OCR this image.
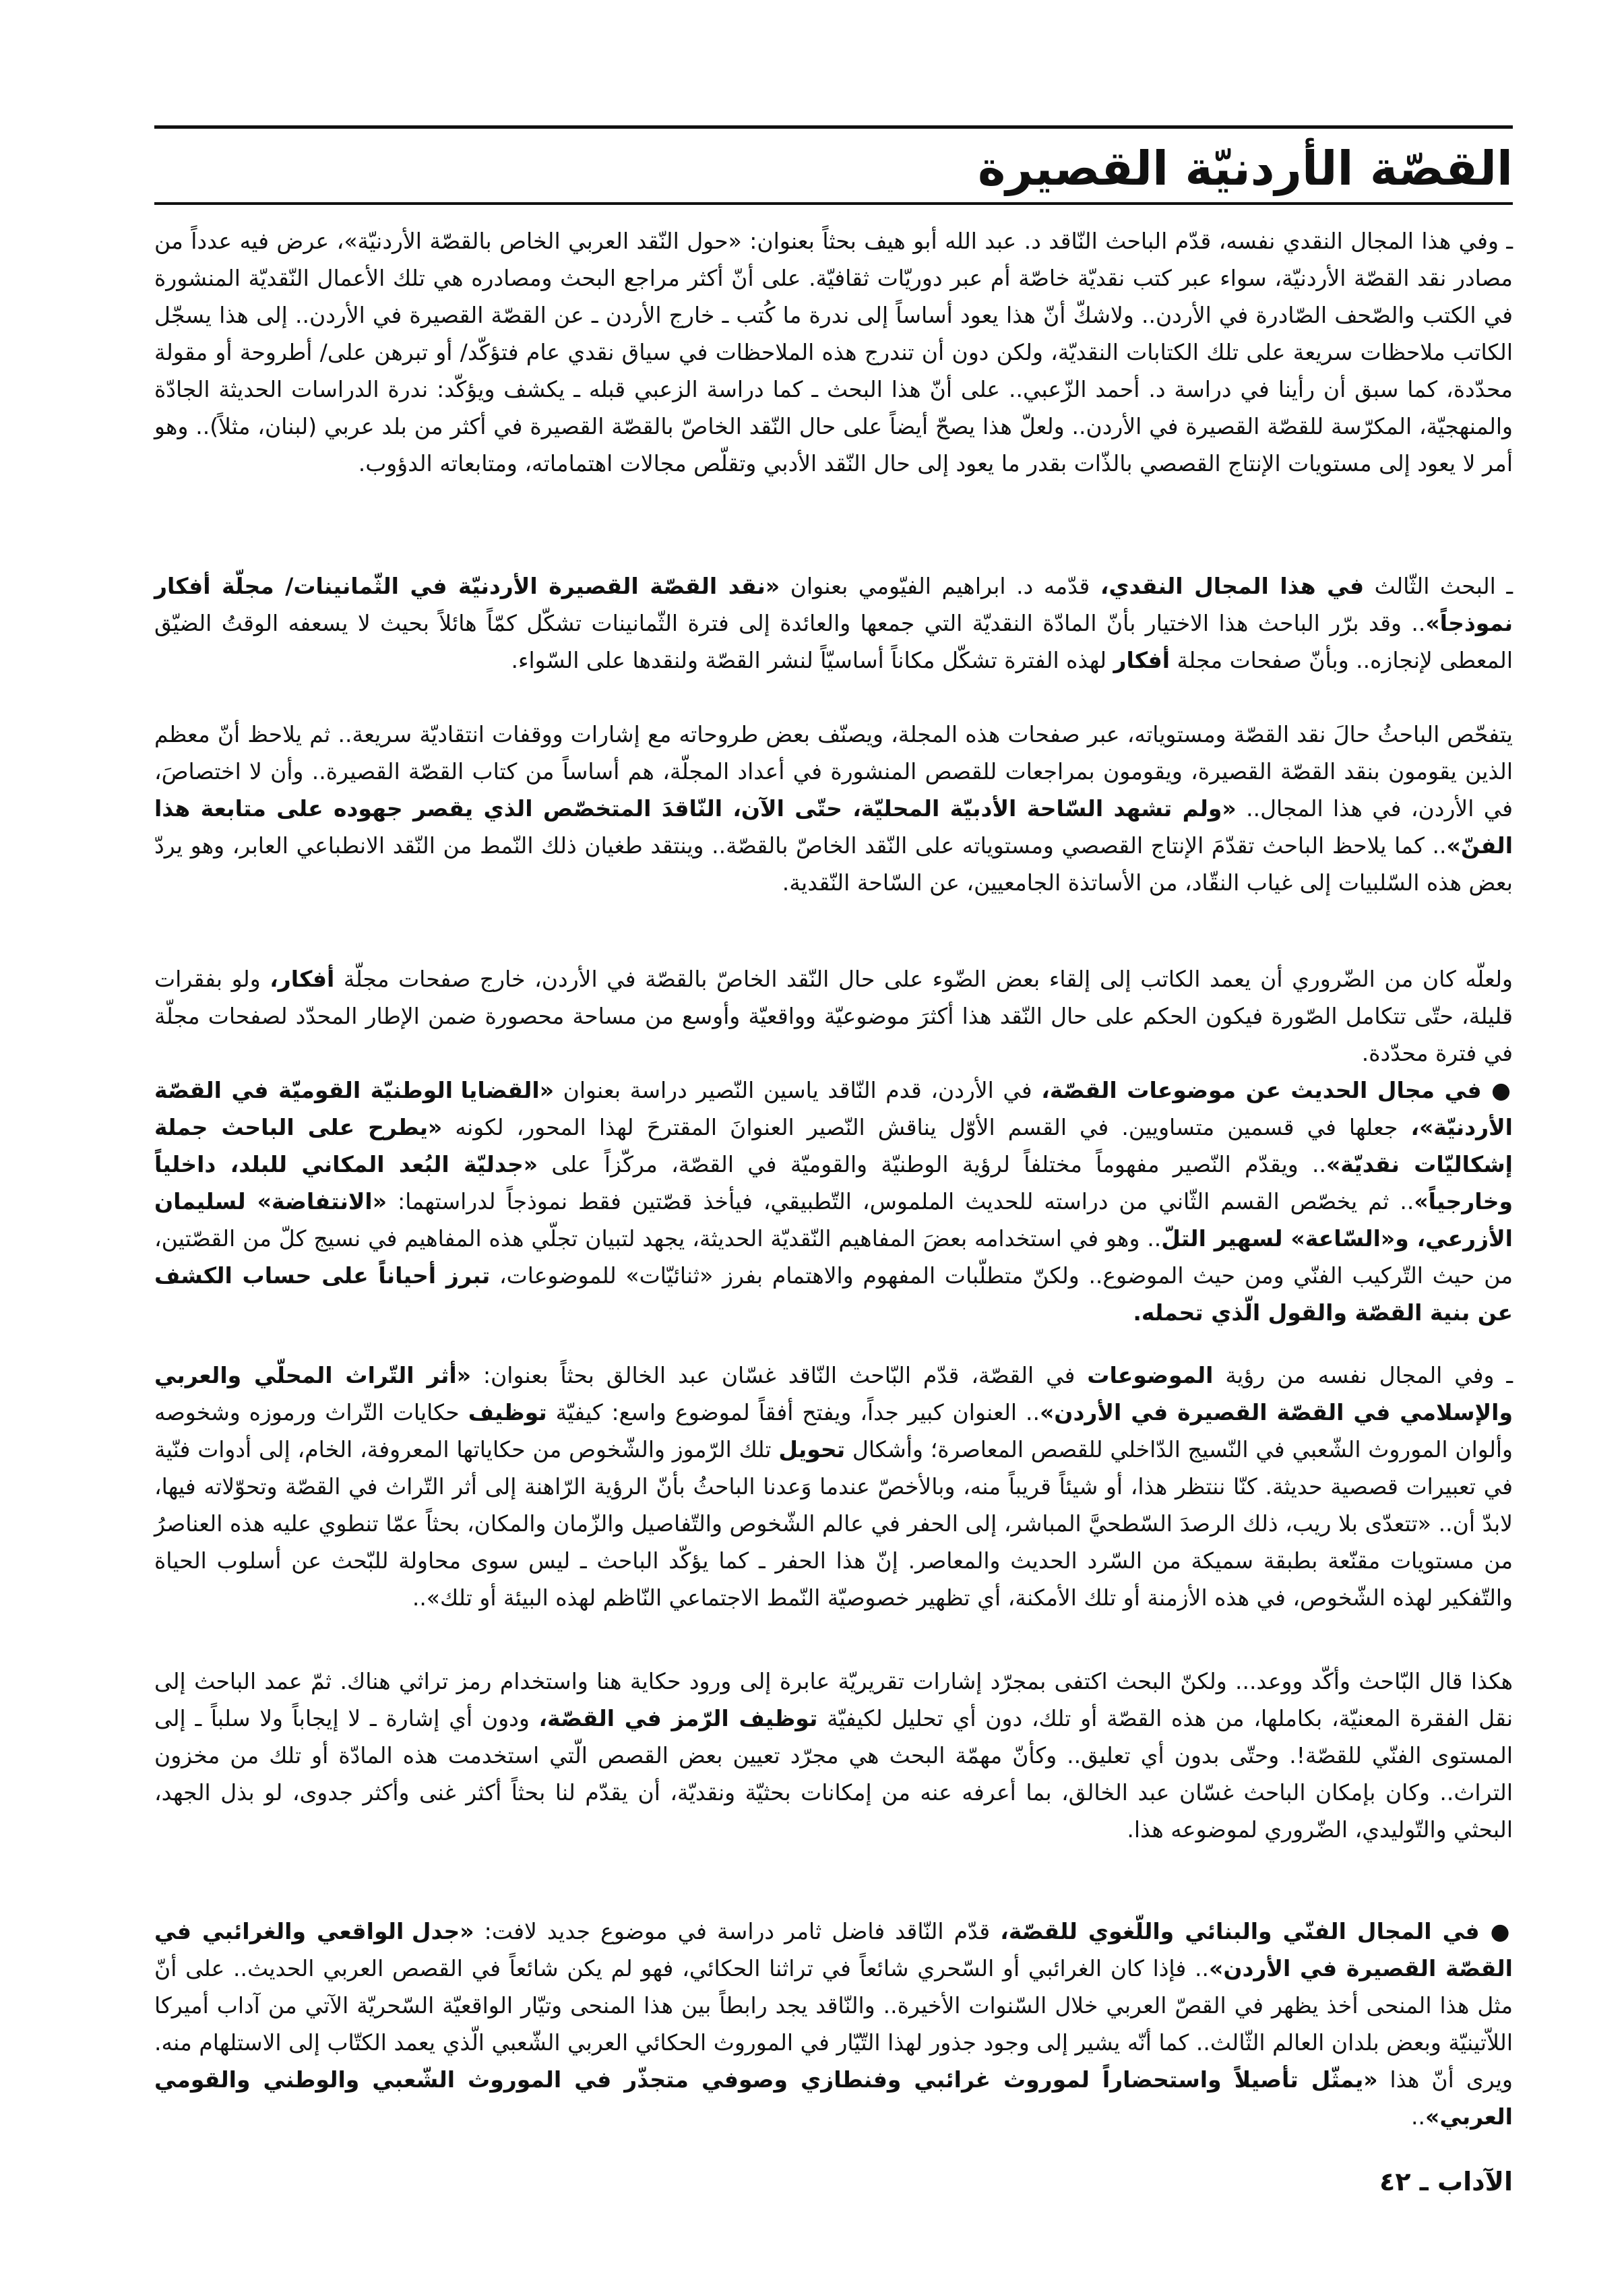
القصّة الأردنيّة القصيرة

ـ وفي هذا المجال النقدي نفسه، قدّم الباحث النّاقد د. عبد الله أبو هيف بحثاً بعنوان: «حول النّقد العربي الخاص بالقصّة الأردنيّة»، عرض فيه عدداً من مصادر نقد القصّة الأردنيّة، سواء عبر كتب نقديّة خاصّة أم عبر دوريّات ثقافيّة. على أنّ أكثر مراجع البحث ومصادره هي تلك الأعمال النّقديّة المنشورة في الكتب والصّحف الصّادرة في الأردن.. ولاشكّ أنّ هذا يعود أساساً إلى ندرة ما كُتب ـ خارج الأردن ـ عن القصّة القصيرة في الأردن.. إلى هذا يسجّل الكاتب ملاحظات سريعة على تلك الكتابات النقديّة، ولكن دون أن تندرج هذه الملاحظات في سياق نقدي عام فتؤكّد/ أو تبرهن على/ أطروحة أو مقولة محدّدة، كما سبق أن رأينا في دراسة د. أحمد الزّعبي.. على أنّ هذا البحث ـ كما دراسة الزعبي قبله ـ يكشف ويؤكّد: ندرة الدراسات الحديثة الجادّة والمنهجيّة، المكرّسة للقصّة القصيرة في الأردن.. ولعلّ هذا يصحّ أيضاً على حال النّقد الخاصّ بالقصّة القصيرة في أكثر من بلد عربي (لبنان، مثلاً).. وهو أمر لا يعود إلى مستويات الإنتاج القصصي بالذّات بقدر ما يعود إلى حال النّقد الأدبي وتقلّص مجالات اهتماماته، ومتابعاته الدؤوب.

ـ البحث الثّالث في هذا المجال النقدي، قدّمه د. ابراهيم الفيّومي بعنوان «نقد القصّة القصيرة الأردنيّة في الثّمانينات/ مجلّة أفكار نموذجاً».. وقد برّر الباحث هذا الاختيار بأنّ المادّة النقديّة التي جمعها والعائدة إلى فترة الثّمانينات تشكّل كمّاً هائلاً بحيث لا يسعفه الوقتُ الضيّق المعطى لإنجازه.. وبأنّ صفحات مجلة أفكار لهذه الفترة تشكّل مكاناً أساسيّاً لنشر القصّة ولنقدها على السّواء.

يتفحّص الباحثُ حالَ نقد القصّة ومستوياته، عبر صفحات هذه المجلة، ويصنّف بعض طروحاته مع إشارات ووقفات انتقاديّة سريعة.. ثم يلاحظ أنّ معظم الذين يقومون بنقد القصّة القصيرة، ويقومون بمراجعات للقصص المنشورة في أعداد المجلّة، هم أساساً من كتاب القصّة القصيرة.. وأن لا اختصاصَ، في الأردن، في هذا المجال.. «ولم تشهد السّاحة الأدبيّة المحليّة، حتّى الآن، النّاقدَ المتخصّص الذي يقصر جهوده على متابعة هذا الفنّ».. كما يلاحظ الباحث تقدّمَ الإنتاج القصصي ومستوياته على النّقد الخاصّ بالقصّة.. وينتقد طغيان ذلك النّمط من النّقد الانطباعي العابر، وهو يردّ بعض هذه السّلبيات إلى غياب النقّاد، من الأساتذة الجامعيين، عن السّاحة النّقدية.

ولعلّه كان من الضّروري أن يعمد الكاتب إلى إلقاء بعض الضّوء على حال النّقد الخاصّ بالقصّة في الأردن، خارج صفحات مجلّة أفكار، ولو بفقرات قليلة، حتّى تتكامل الصّورة فيكون الحكم على حال النّقد هذا أكثرَ موضوعيّة وواقعيّة وأوسع من مساحة محصورة ضمن الإطار المحدّد لصفحات مجلّة في فترة محدّدة.

● في مجال الحديث عن موضوعات القصّة، في الأردن، قدم النّاقد ياسين النّصير دراسة بعنوان «القضايا الوطنيّة القوميّة في القصّة الأردنيّة»، جعلها في قسمين متساويين. في القسم الأوّل يناقش النّصير العنوانَ المقترحَ لهذا المحور، لكونه «يطرح على الباحث جملة إشكاليّات نقديّة».. ويقدّم النّصير مفهوماً مختلفاً لرؤية الوطنيّة والقوميّة في القصّة، مركّزاً على «جدليّة البُعد المكاني للبلد، داخلياً وخارجياً».. ثم يخصّص القسم الثّاني من دراسته للحديث الملموس، التّطبيقي، فيأخذ قصّتين فقط نموذجاً لدراستهما: «الانتفاضة» لسليمان الأزرعي، و«السّاعة» لسهير التلّ.. وهو في استخدامه بعضَ المفاهيم النّقديّة الحديثة، يجهد لتبيان تجلّي هذه المفاهيم في نسيج كلّ من القصّتين، من حيث التّركيب الفنّي ومن حيث الموضوع.. ولكنّ متطلّبات المفهوم والاهتمام بفرز «ثنائيّات» للموضوعات، تبرز أحياناً على حساب الكشف عن بنية القصّة والقول الّذي تحمله.

ـ وفي المجال نفسه من رؤية الموضوعات في القصّة، قدّم البّاحث النّاقد غسّان عبد الخالق بحثاً بعنوان: «أثر التّراث المحلّي والعربي والإسلامي في القصّة القصيرة في الأردن».. العنوان كبير جداً، ويفتح أفقاً لموضوع واسع: كيفيّة توظيف حكايات التّراث ورموزه وشخوصه وألوان الموروث الشّعبي في النّسيج الدّاخلي للقصص المعاصرة؛ وأشكال تحويل تلك الرّموز والشّخوص من حكاياتها المعروفة، الخام، إلى أدوات فنّية في تعبيرات قصصية حديثة. كنّا ننتظر هذا، أو شيئاً قريباً منه، وبالأخصّ عندما وَعدنا الباحثُ بأنّ الرؤية الرّاهنة إلى أثر التّراث في القصّة وتحوّلاته فيها، لابدّ أن.. «تتعدّى بلا ريب، ذلك الرصدَ السّطحيَّ المباشر، إلى الحفر في عالم الشّخوص والتّفاصيل والزّمان والمكان، بحثاً عمّا تنطوي عليه هذه العناصرُ من مستويات مقنّعة بطبقة سميكة من السّرد الحديث والمعاصر. إنّ هذا الحفر ـ كما يؤكّد الباحث ـ ليس سوى محاولة للبّحث عن أسلوب الحياة والتّفكير لهذه الشّخوص، في هذه الأزمنة أو تلك الأمكنة، أي تظهير خصوصيّة النّمط الاجتماعي النّاظم لهذه البيئة أو تلك»..

هكذا قال البّاحث وأكّد ووعد... ولكنّ البحث اكتفى بمجرّد إشارات تقريريّة عابرة إلى ورود حكاية هنا واستخدام رمز تراثي هناك. ثمّ عمد الباحث إلى نقل الفقرة المعنيّة، بكاملها، من هذه القصّة أو تلك، دون أي تحليل لكيفيّة توظيف الرّمز في القصّة، ودون أي إشارة ـ لا إيجاباً ولا سلباً ـ إلى المستوى الفنّي للقصّة!. وحتّى بدون أي تعليق.. وكأنّ مهمّة البحث هي مجرّد تعيين بعض القصص الّتي استخدمت هذه المادّة أو تلك من مخزون التراث.. وكان بإمكان الباحث غسّان عبد الخالق، بما أعرفه عنه من إمكانات بحثيّة ونقديّة، أن يقدّم لنا بحثاً أكثر غنى وأكثر جدوى، لو بذل الجهد، البحثي والتّوليدي، الضّروري لموضوعه هذا.

● في المجال الفنّي والبنائي واللّغوي للقصّة، قدّم النّاقد فاضل ثامر دراسة في موضوع جديد لافت: «جدل الواقعي والغرائبي في القصّة القصيرة في الأردن».. فإذا كان الغرائبي أو السّحري شائعاً في تراثنا الحكائي، فهو لم يكن شائعاً في القصص العربي الحديث.. على أنّ مثل هذا المنحى أخذ يظهر في القصّ العربي خلال السّنوات الأخيرة.. والنّاقد يجد رابطاً بين هذا المنحى وتيّار الواقعيّة السّحريّة الآتي من آداب أميركا اللاّتينيّة وبعض بلدان العالم الثّالث.. كما أنّه يشير إلى وجود جذور لهذا التّيّار في الموروث الحكائي العربي الشّعبي الّذي يعمد الكتّاب إلى الاستلهام منه. ويرى أنّ هذا «يمثّل تأصيلاً واستحضاراً لموروث غرائبي وفنطازي وصوفي متجذّر في الموروث الشّعبي والوطني والقومي العربي»..

الآداب ـ ٤٢
